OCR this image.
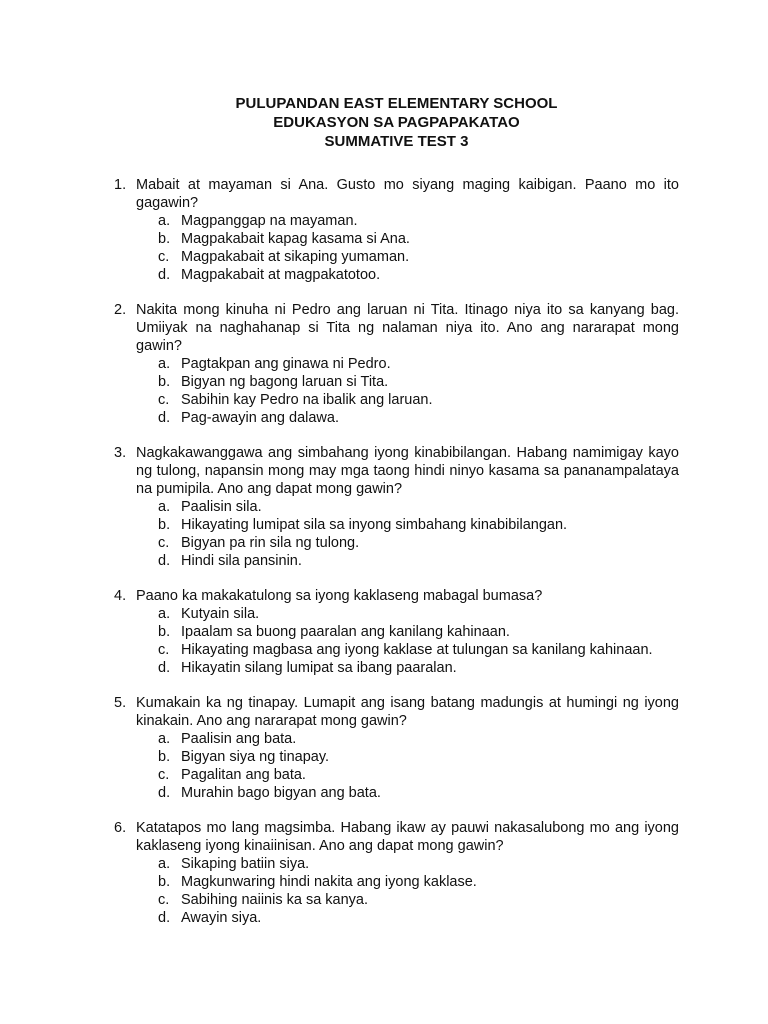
PULUPANDAN EAST ELEMENTARY SCHOOL
EDUKASYON SA PAGPAPAKATAO
SUMMATIVE TEST 3
1. Mabait at mayaman si Ana. Gusto mo siyang maging kaibigan. Paano mo ito gagawin?
a. Magpanggap na mayaman.
b. Magpakabait kapag kasama si Ana.
c. Magpakabait at sikaping yumaman.
d. Magpakabait at magpakatotoo.
2. Nakita mong kinuha ni Pedro ang laruan ni Tita. Itinago niya ito sa kanyang bag. Umiiyak na naghahanap si Tita ng nalaman niya ito. Ano ang nararapat mong gawin?
a. Pagtakpan ang ginawa ni Pedro.
b. Bigyan ng bagong laruan si Tita.
c. Sabihin kay Pedro na ibalik ang laruan.
d. Pag-awayin ang dalawa.
3. Nagkakawanggawa ang simbahang iyong kinabibilangan. Habang namimigay kayo ng tulong, napansin mong may mga taong hindi ninyo kasama sa pananampalataya na pumipila. Ano ang dapat mong gawin?
a. Paalisin sila.
b. Hikayating lumipat sila sa inyong simbahang kinabibilangan.
c. Bigyan pa rin sila ng tulong.
d. Hindi sila pansinin.
4. Paano ka makakatulong sa iyong kaklaseng mabagal bumasa?
a. Kutyain sila.
b. Ipaalam sa buong paaralan ang kanilang kahinaan.
c. Hikayating magbasa ang iyong kaklase at tulungan sa kanilang kahinaan.
d. Hikayatin silang lumipat sa ibang paaralan.
5. Kumakain ka ng tinapay. Lumapit ang isang batang madungis at humingi ng iyong kinakain. Ano ang nararapat mong gawin?
a. Paalisin ang bata.
b. Bigyan siya ng tinapay.
c. Pagalitan ang bata.
d. Murahin bago bigyan ang bata.
6. Katatapos mo lang magsimba. Habang ikaw ay pauwi nakasalubong mo ang iyong kaklaseng iyong kinaiinisan. Ano ang dapat mong gawin?
a. Sikaping batiin siya.
b. Magkunwaring hindi nakita ang iyong kaklase.
c. Sabihing naiinis ka sa kanya.
d. Awayin siya.
